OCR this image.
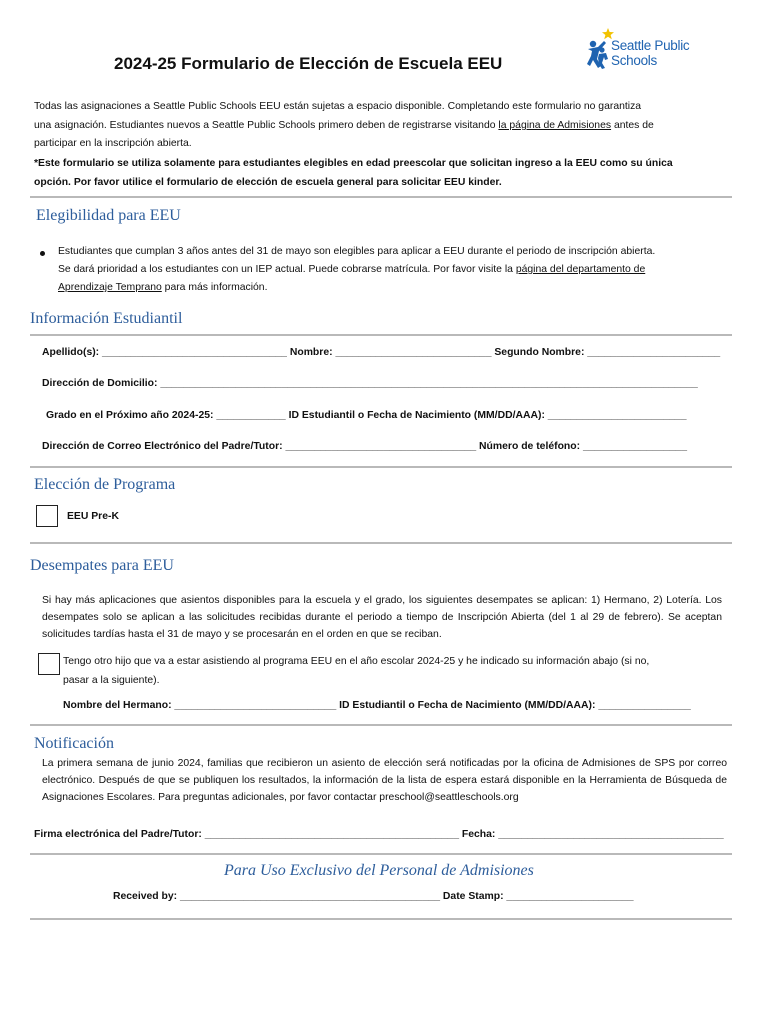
2024-25 Formulario de Elección de Escuela EEU
Seattle Public
Schools
Todas las asignaciones a Seattle Public Schools EEU están sujetas a espacio disponible. Completando este formulario no garantiza
una asignación. Estudiantes nuevos a Seattle Public Schools primero deben de registrarse visitando la página de Admisiones antes de
participar en la inscripción abierta.
*Este formulario se utiliza solamente para estudiantes elegibles en edad preescolar que solicitan ingreso a la EEU como su única
opción. Por favor utilice el formulario de elección de escuela general para solicitar EEU kinder.
Elegibilidad para EEU
Estudiantes que cumplan 3 años antes del 31 de mayo son elegibles para aplicar a EEU durante el periodo de inscripción abierta.
Se dará prioridad a los estudiantes con un IEP actual. Puede cobrarse matrícula. Por favor visite la página del departamento de
Aprendizaje Temprano para más información.
Información Estudiantil
Apellido(s): ________________________________ Nombre: ___________________________ Segundo Nombre: _______________________
Dirección de Domicilio: _____________________________________________________________________________________________
Grado en el Próximo año 2024-25: ____________ ID Estudiantil o Fecha de Nacimiento (MM/DD/AAA): ________________________
Dirección de Correo Electrónico del Padre/Tutor: _________________________________ Número de teléfono: __________________
Elección de Programa
EEU Pre-K
Desempates para EEU
Si hay más aplicaciones que asientos disponibles para la escuela y el grado, los siguientes desempates se aplican: 1) Hermano, 2) Lotería. Los desempates solo se aplican a las solicitudes recibidas durante el periodo a tiempo de Inscripción Abierta (del 1 al 29 de febrero). Se aceptan solicitudes tardías hasta el 31 de mayo y se procesarán en el orden en que se reciban.
Tengo otro hijo que va a estar asistiendo al programa EEU en el año escolar 2024-25 y he indicado su información abajo (si no,
pasar a la siguiente).
Nombre del Hermano: ____________________________ ID Estudiantil o Fecha de Nacimiento (MM/DD/AAA): ________________
Notificación
La primera semana de junio 2024, familias que recibieron un asiento de elección será notificadas por la oficina de Admisiones de SPS por correo electrónico. Después de que se publiquen los resultados, la información de la lista de espera estará disponible en la Herramienta de Búsqueda de Asignaciones Escolares. Para preguntas adicionales, por favor contactar preschool@seattleschools.org
Firma electrónica del Padre/Tutor: ____________________________________________ Fecha: _______________________________________
Para Uso Exclusivo del Personal de Admisiones
Received by: _____________________________________________ Date Stamp: ______________________
